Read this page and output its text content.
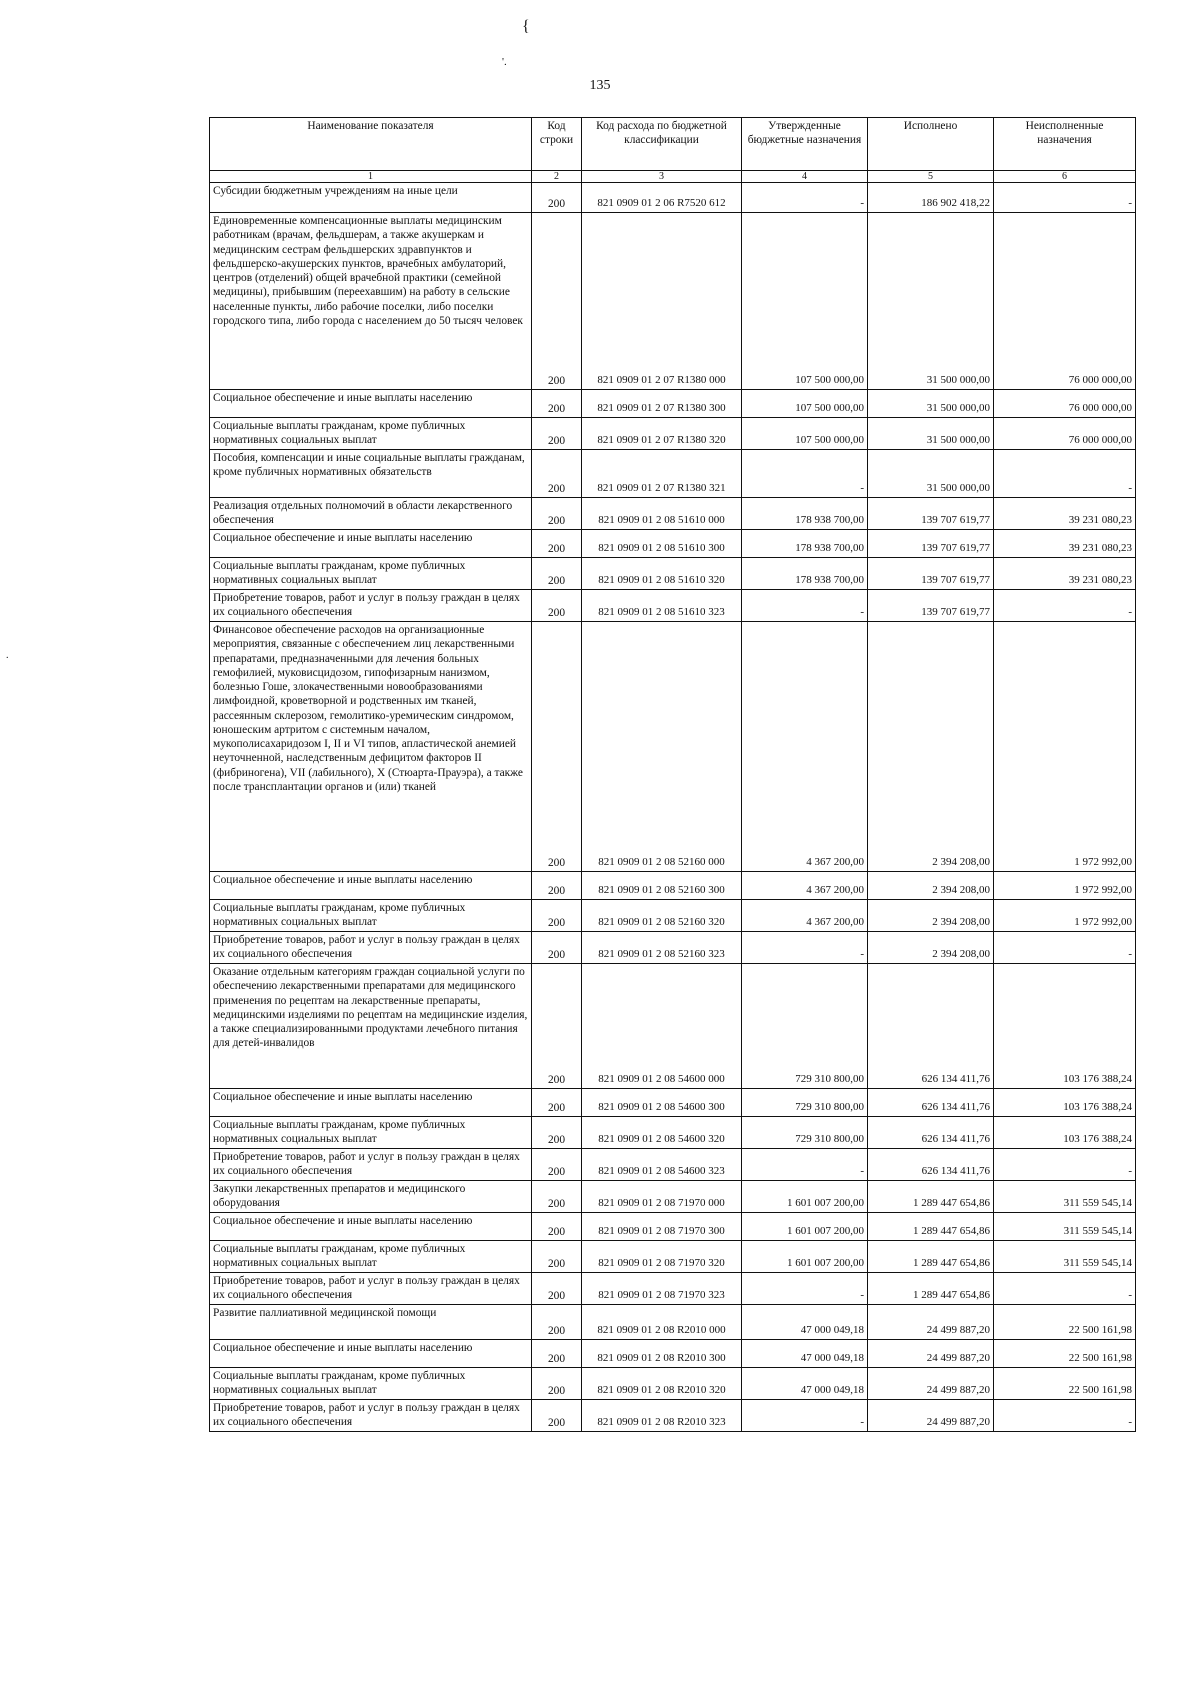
{
'.
.
135
Наименование показателя	Код строки	Код расхода по бюджетной классификации	Утвержденные бюджетные назначения	Исполнено	Неисполненные назначения
1	2	3	4	5	6
Субсидии бюджетным учреждениям на иные цели	200	821 0909 01 2 06 R7520 612	-	186 902 418,22	-
Единовременные компенсационные выплаты медицинским работникам (врачам, фельдшерам, а также акушеркам и медицинским сестрам фельдшерских здравпунктов и фельдшерско-акушерских пунктов, врачебных амбулаторий, центров (отделений) общей врачебной практики (семейной медицины), прибывшим (переехавшим) на работу в сельские населенные пункты, либо рабочие поселки, либо поселки городского типа, либо города с населением до 50 тысяч человек	200	821 0909 01 2 07 R1380 000	107 500 000,00	31 500 000,00	76 000 000,00
Социальное обеспечение и иные выплаты населению	200	821 0909 01 2 07 R1380 300	107 500 000,00	31 500 000,00	76 000 000,00
Социальные выплаты гражданам, кроме публичных нормативных социальных выплат	200	821 0909 01 2 07 R1380 320	107 500 000,00	31 500 000,00	76 000 000,00
Пособия, компенсации и иные социальные выплаты гражданам, кроме публичных нормативных обязательств	200	821 0909 01 2 07 R1380 321	-	31 500 000,00	-
Реализация отдельных полномочий в области лекарственного обеспечения	200	821 0909 01 2 08 51610 000	178 938 700,00	139 707 619,77	39 231 080,23
Социальное обеспечение и иные выплаты населению	200	821 0909 01 2 08 51610 300	178 938 700,00	139 707 619,77	39 231 080,23
Социальные выплаты гражданам, кроме публичных нормативных социальных выплат	200	821 0909 01 2 08 51610 320	178 938 700,00	139 707 619,77	39 231 080,23
Приобретение товаров, работ и услуг в пользу граждан в целях их социального обеспечения	200	821 0909 01 2 08 51610 323	-	139 707 619,77	-
Финансовое обеспечение расходов на организационные мероприятия, связанные с обеспечением лиц лекарственными препаратами, предназначенными для лечения больных гемофилией, муковисцидозом, гипофизарным нанизмом, болезнью Гоше, злокачественными новообразованиями лимфоидной, кроветворной и родственных им тканей, рассеянным склерозом, гемолитико-уремическим синдромом, юношеским артритом с системным началом, мукополисахаридозом I, II и VI типов, апластической анемией неуточненной, наследственным дефицитом факторов II (фибриногена), VII (лабильного), X (Стюарта-Прауэра), а также после трансплантации органов и (или) тканей	200	821 0909 01 2 08 52160 000	4 367 200,00	2 394 208,00	1 972 992,00
Социальное обеспечение и иные выплаты населению	200	821 0909 01 2 08 52160 300	4 367 200,00	2 394 208,00	1 972 992,00
Социальные выплаты гражданам, кроме публичных нормативных социальных выплат	200	821 0909 01 2 08 52160 320	4 367 200,00	2 394 208,00	1 972 992,00
Приобретение товаров, работ и услуг в пользу граждан в целях их социального обеспечения	200	821 0909 01 2 08 52160 323	-	2 394 208,00	-
Оказание отдельным категориям граждан социальной услуги по обеспечению лекарственными препаратами для медицинского применения по рецептам на лекарственные препараты, медицинскими изделиями по рецептам на медицинские изделия, а также специализированными продуктами лечебного питания для детей-инвалидов	200	821 0909 01 2 08 54600 000	729 310 800,00	626 134 411,76	103 176 388,24
Социальное обеспечение и иные выплаты населению	200	821 0909 01 2 08 54600 300	729 310 800,00	626 134 411,76	103 176 388,24
Социальные выплаты гражданам, кроме публичных нормативных социальных выплат	200	821 0909 01 2 08 54600 320	729 310 800,00	626 134 411,76	103 176 388,24
Приобретение товаров, работ и услуг в пользу граждан в целях их социального обеспечения	200	821 0909 01 2 08 54600 323	-	626 134 411,76	-
Закупки лекарственных препаратов и медицинского оборудования	200	821 0909 01 2 08 71970 000	1 601 007 200,00	1 289 447 654,86	311 559 545,14
Социальное обеспечение и иные выплаты населению	200	821 0909 01 2 08 71970 300	1 601 007 200,00	1 289 447 654,86	311 559 545,14
Социальные выплаты гражданам, кроме публичных нормативных социальных выплат	200	821 0909 01 2 08 71970 320	1 601 007 200,00	1 289 447 654,86	311 559 545,14
Приобретение товаров, работ и услуг в пользу граждан в целях их социального обеспечения	200	821 0909 01 2 08 71970 323	-	1 289 447 654,86	-
Развитие паллиативной медицинской помощи	200	821 0909 01 2 08 R2010 000	47 000 049,18	24 499 887,20	22 500 161,98
Социальное обеспечение и иные выплаты населению	200	821 0909 01 2 08 R2010 300	47 000 049,18	24 499 887,20	22 500 161,98
Социальные выплаты гражданам, кроме публичных нормативных социальных выплат	200	821 0909 01 2 08 R2010 320	47 000 049,18	24 499 887,20	22 500 161,98
Приобретение товаров, работ и услуг в пользу граждан в целях их социального обеспечения	200	821 0909 01 2 08 R2010 323	-	24 499 887,20	-
